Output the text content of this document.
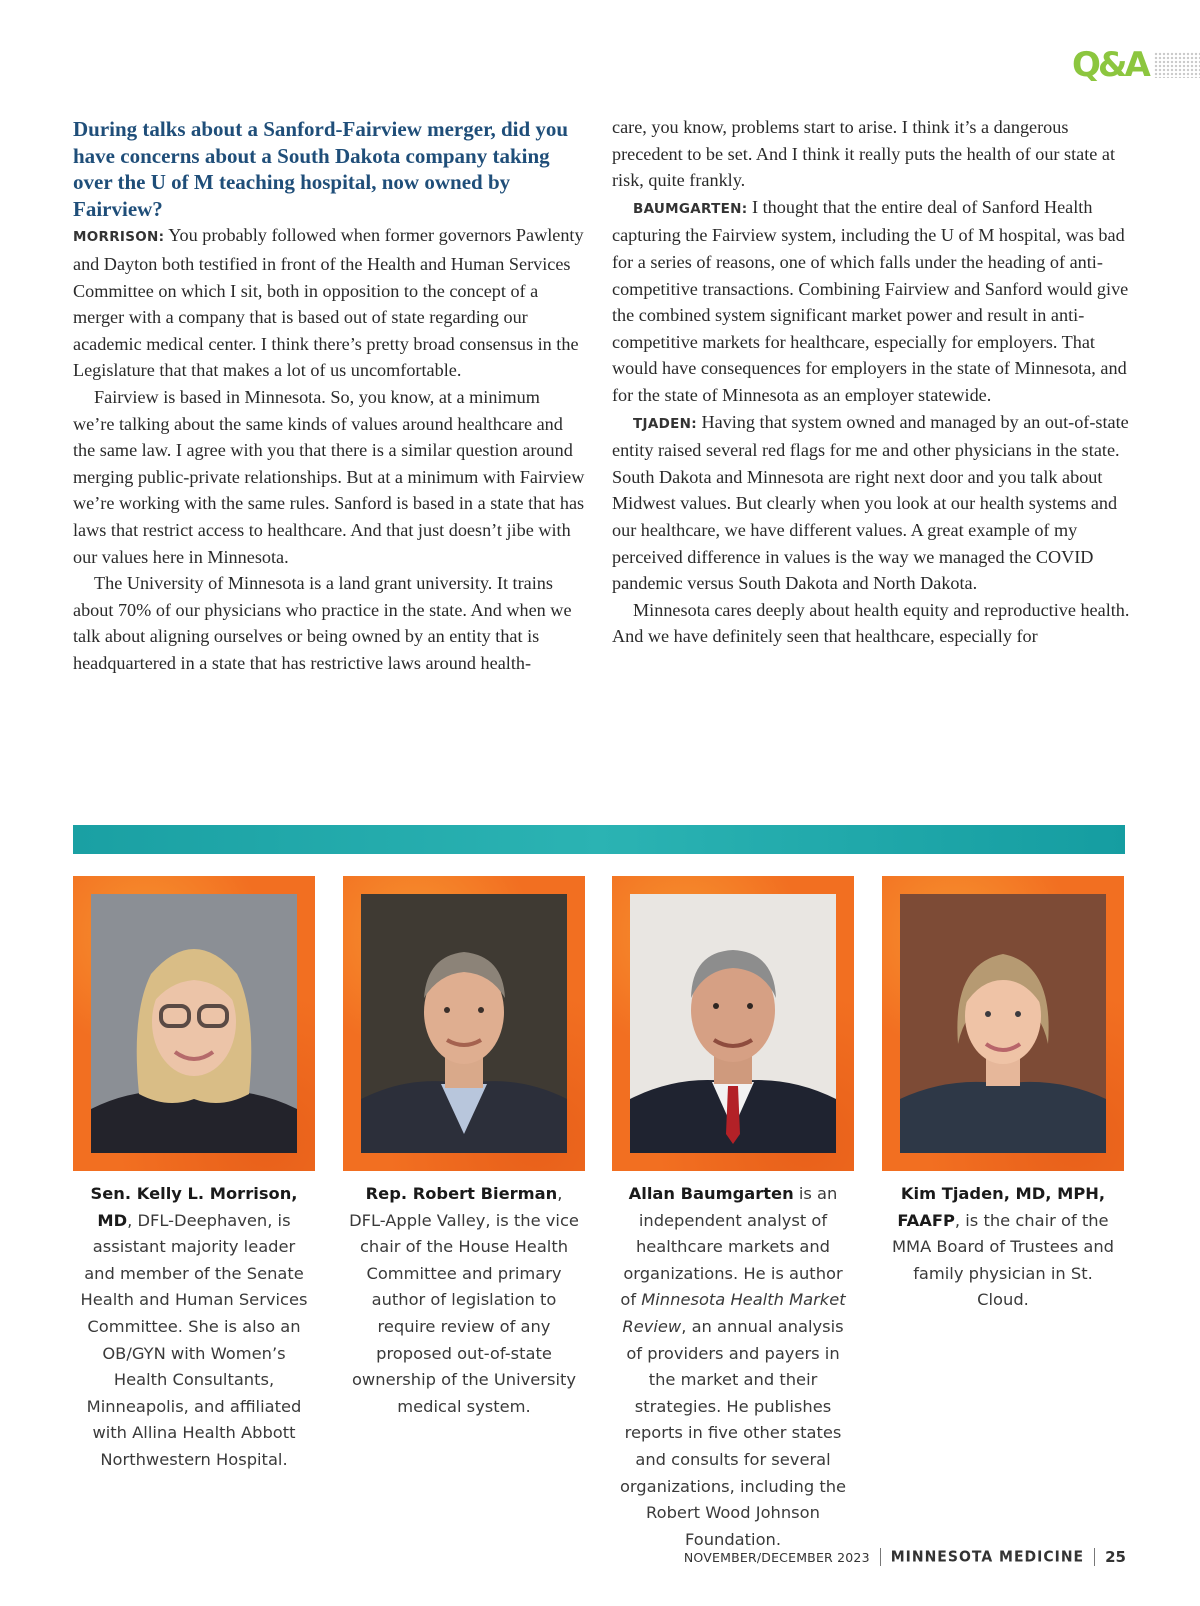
Q&A

During talks about a Sanford-Fairview merger, did you have concerns about a South Dakota company taking over the U of M teaching hospital, now owned by Fairview?

MORRISON: You probably followed when former governors Pawlenty and Dayton both testified in front of the Health and Human Services Committee on which I sit, both in opposition to the concept of a merger with a company that is based out of state regarding our academic medical center. I think there’s pretty broad consensus in the Legislature that that makes a lot of us uncomfortable.

Fairview is based in Minnesota. So, you know, at a minimum we’re talking about the same kinds of values around healthcare and the same law. I agree with you that there is a similar question around merging public-private relationships. But at a minimum with Fairview we’re working with the same rules. Sanford is based in a state that has laws that restrict access to healthcare. And that just doesn’t jibe with our values here in Minnesota.

The University of Minnesota is a land grant university. It trains about 70% of our physicians who practice in the state. And when we talk about aligning ourselves or being owned by an entity that is headquartered in a state that has restrictive laws around health-

care, you know, problems start to arise. I think it’s a dangerous precedent to be set. And I think it really puts the health of our state at risk, quite frankly.

BAUMGARTEN: I thought that the entire deal of Sanford Health capturing the Fairview system, including the U of M hospital, was bad for a series of reasons, one of which falls under the heading of anti-competitive transactions. Combining Fairview and Sanford would give the combined system significant market power and result in anti-competitive markets for healthcare, especially for employers. That would have consequences for employers in the state of Minnesota, and for the state of Minnesota as an employer statewide.

TJADEN: Having that system owned and managed by an out-of-state entity raised several red flags for me and other physicians in the state. South Dakota and Minnesota are right next door and you talk about Midwest values. But clearly when you look at our health systems and our healthcare, we have different values. A great example of my perceived difference in values is the way we managed the COVID pandemic versus South Dakota and North Dakota.

Minnesota cares deeply about health equity and reproductive health. And we have definitely seen that healthcare, especially for

Sen. Kelly L. Morrison, MD, DFL-Deephaven, is assistant majority leader and member of the Senate Health and Human Services Committee. She is also an OB/GYN with Women’s Health Consultants, Minneapolis, and affiliated with Allina Health Abbott Northwestern Hospital.
Rep. Robert Bierman, DFL-Apple Valley, is the vice chair of the House Health Committee and primary author of legislation to require review of any proposed out-of-state ownership of the University medical system.
Allan Baumgarten is an independent analyst of healthcare markets and organizations. He is author of Minnesota Health Market Review, an annual analysis of providers and payers in the market and their strategies. He publishes reports in five other states and consults for several organizations, including the Robert Wood Johnson Foundation.
Kim Tjaden, MD, MPH, FAAFP, is the chair of the MMA Board of Trustees and family physician in St. Cloud.
NOVEMBER/DECEMBER 2023 MINNESOTA MEDICINE 25
